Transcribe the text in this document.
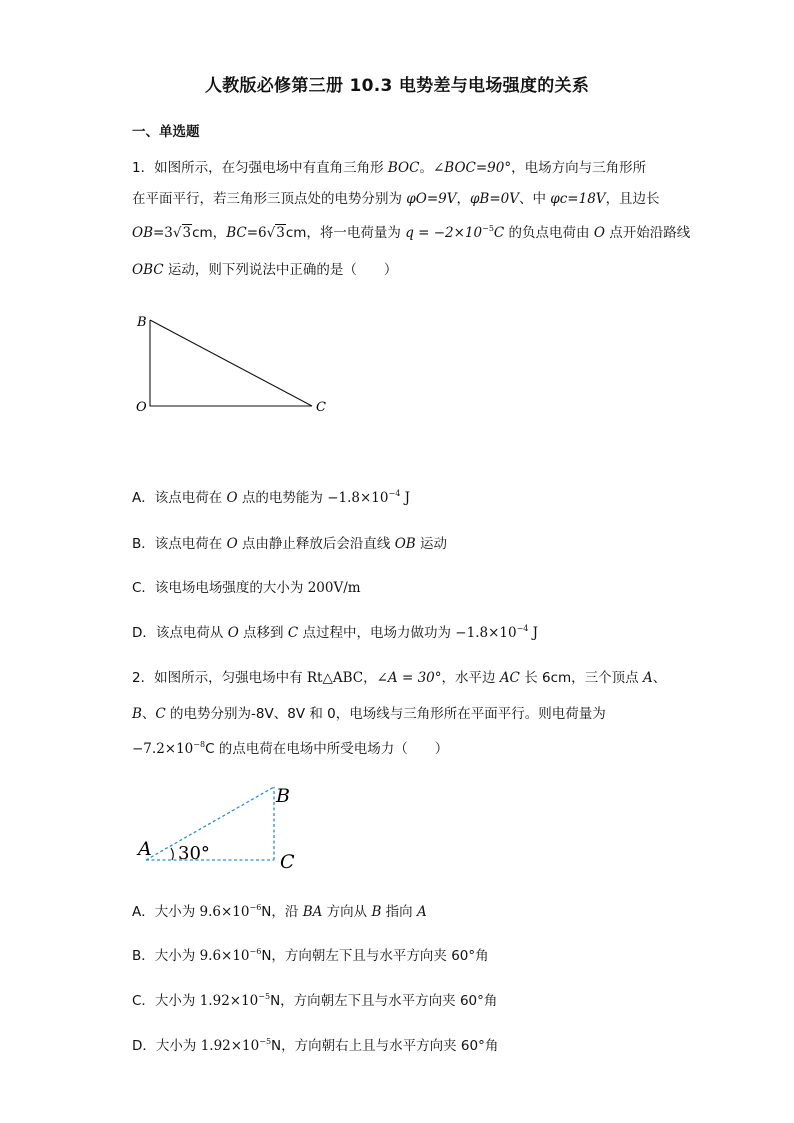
人教版必修第三册 10.3 电势差与电场强度的关系
一、单选题
1．如图所示，在匀强电场中有直角三角形 BOC。∠BOC=90°，电场方向与三角形所
在平面平行，若三角形三顶点处的电势分别为 φO=9V，φB=0V、中 φc=18V，且边长
OB=3√3cm，BC=6√3cm，将一电荷量为 $q = -2\times 10^{-5}C$ 的负点电荷由 O 点开始沿路线
OBC 运动，则下列说法中正确的是（　　）
B
O	C
A．该点电荷在 O 点的电势能为 $-1.8\times 10^{-4}$ J
B．该点电荷在 O 点由静止释放后会沿直线 OB 运动
C．该电场电场强度的大小为 200V/m
D．该点电荷从 O 点移到 C 点过程中，电场力做功为 $-1.8\times 10^{-4}$ J
2．如图所示，匀强电场中有 Rt△ABC，∠A = 30°，水平边 AC 长 6cm，三个顶点 A、
B、C 的电势分别为-8V、8V 和 0，电场线与三角形所在平面平行。则电荷量为
$-7.2\times 10^{-8}C$ 的点电荷在电场中所受电场力（　　）
A
B
C
30°
A．大小为 $9.6\times 10^{-6}N$，沿 BA 方向从 B 指向 A
B．大小为 $9.6\times 10^{-6}N$，方向朝左下且与水平方向夹 60°角
C．大小为 $1.92\times 10^{-5}N$，方向朝左下且与水平方向夹 60°角
D．大小为 $1.92\times 10^{-5}N$，方向朝右上且与水平方向夹 60°角
